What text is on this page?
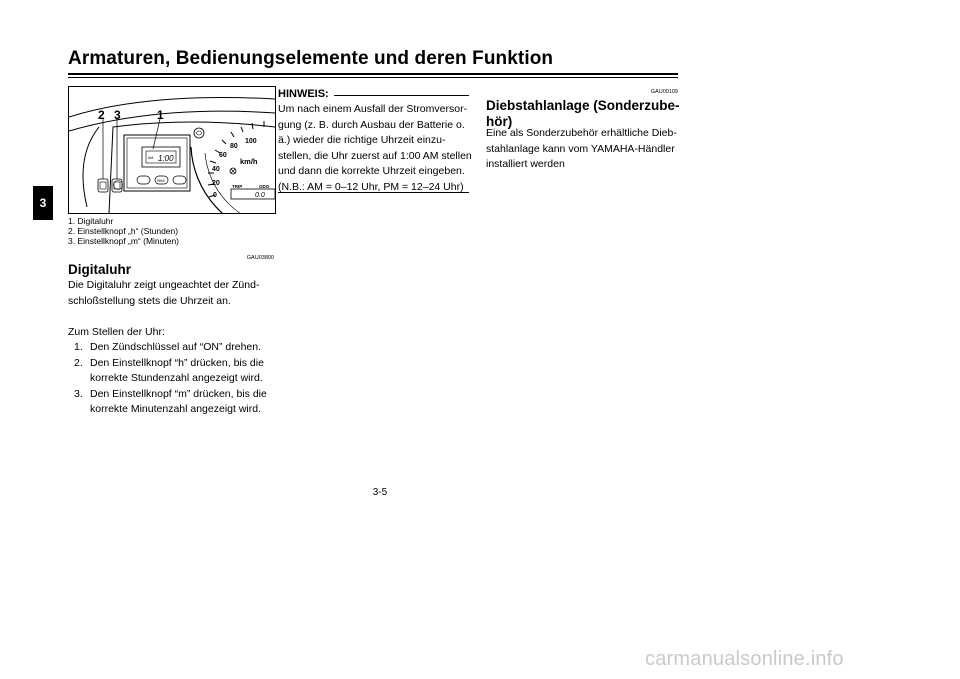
Armaturen, Bedienungselemente und deren Funktion
3
0
20
40
60
80
100
km/h
TRIP	ODO
0.0
AM 1:00
HMS
2 3	1
1. Digitaluhr
2. Einstellknopf „h“ (Stunden)
3. Einstellknopf „m“ (Minuten)
GAU03800
Digitaluhr

Die Digitaluhr zeigt ungeachtet der Zünd-schloßstellung stets die Uhrzeit an.

Zum Stellen der Uhr:

1. Den Zündschlüssel auf “ON” drehen.
2. Den Einstellknopf “h” drücken, bis die korrekte Stundenzahl angezeigt wird.
3. Den Einstellknopf “m” drücken, bis die korrekte Minutenzahl angezeigt wird.
HINWEIS:
Um nach einem Ausfall der Stromversor-gung (z. B. durch Ausbau der Batterie o. ä.) wieder die richtige Uhrzeit einzu-stellen, die Uhr zuerst auf 1:00 AM stellen und dann die korrekte Uhrzeit eingeben. (N.B.: AM = 0–12 Uhr, PM = 12–24 Uhr)
GAU00109
Diebstahlanlage (Sonderzube-hör)
Eine als Sonderzubehör erhältliche Dieb-stahlanlage kann vom YAMAHA-Händler installiert werden
3-5
carmanualsonline.info
